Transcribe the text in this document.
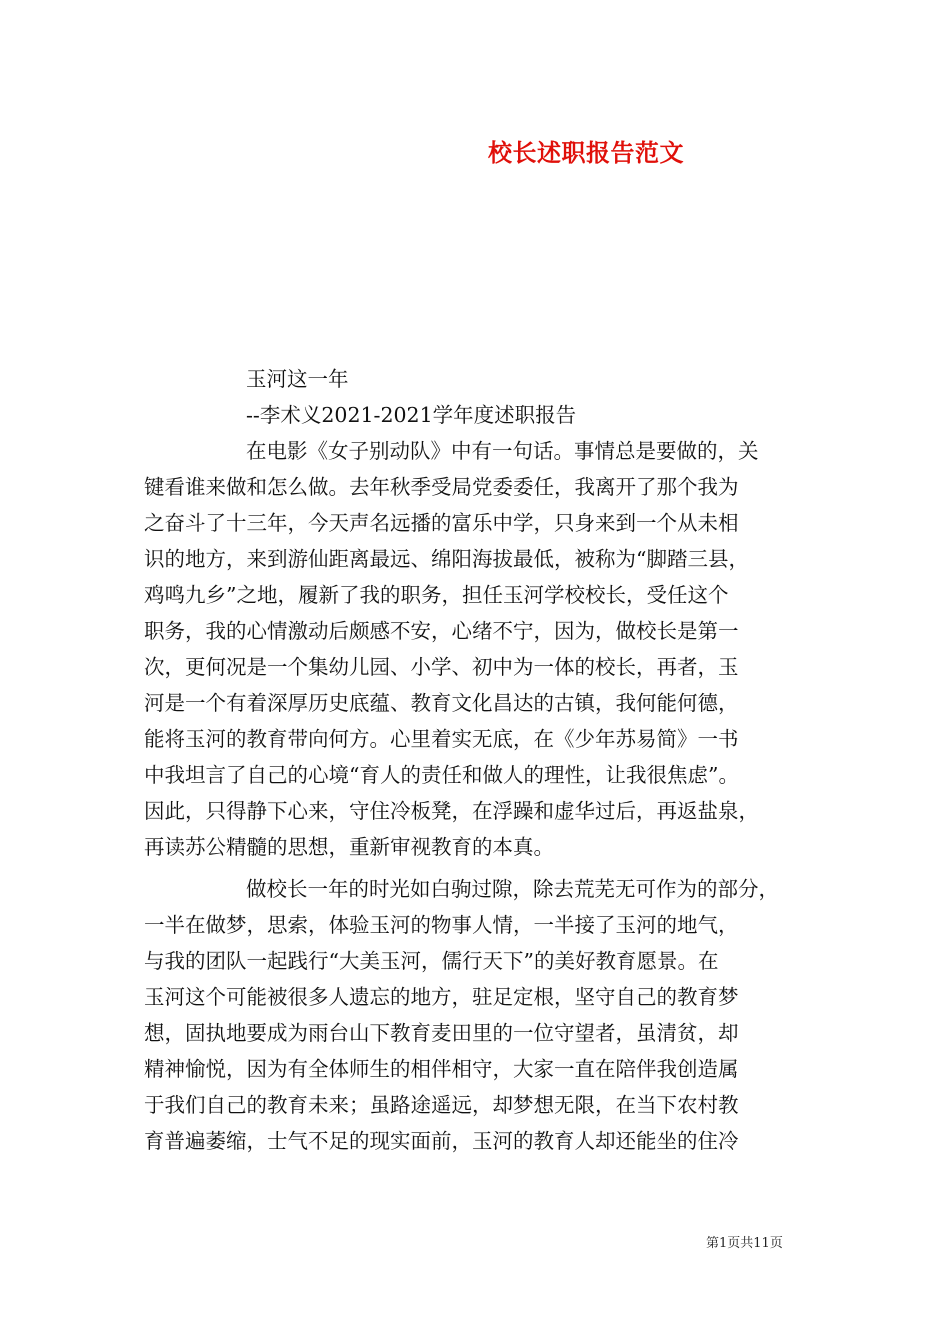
校长述职报告范文

玉河这一年

--李术义2021-2021学年度述职报告

在电影《女子别动队》中有一句话。事情总是要做的，关

键看谁来做和怎么做。去年秋季受局党委委任，我离开了那个我为

之奋斗了十三年，今天声名远播的富乐中学，只身来到一个从未相

识的地方，来到游仙距离最远、绵阳海拔最低，被称为“脚踏三县，

鸡鸣九乡”之地，履新了我的职务，担任玉河学校校长，受任这个

职务，我的心情激动后颇感不安，心绪不宁，因为，做校长是第一

次，更何况是一个集幼儿园、小学、初中为一体的校长，再者，玉

河是一个有着深厚历史底蕴、教育文化昌达的古镇，我何能何德，

能将玉河的教育带向何方。心里着实无底，在《少年苏易简》一书

中我坦言了自己的心境“育人的责任和做人的理性，让我很焦虑”。

因此，只得静下心来，守住冷板凳，在浮躁和虚华过后，再返盐泉，

再读苏公精髓的思想，重新审视教育的本真。

做校长一年的时光如白驹过隙，除去荒芜无可作为的部分，

一半在做梦，思索，体验玉河的物事人情，一半接了玉河的地气，

与我的团队一起践行“大美玉河，儒行天下”的美好教育愿景。在

玉河这个可能被很多人遗忘的地方，驻足定根，坚守自己的教育梦

想，固执地要成为雨台山下教育麦田里的一位守望者，虽清贫，却

精神愉悦，因为有全体师生的相伴相守，大家一直在陪伴我创造属

于我们自己的教育未来；虽路途遥远，却梦想无限，在当下农村教

育普遍萎缩，士气不足的现实面前，玉河的教育人却还能坐的住冷

第1页共11页
